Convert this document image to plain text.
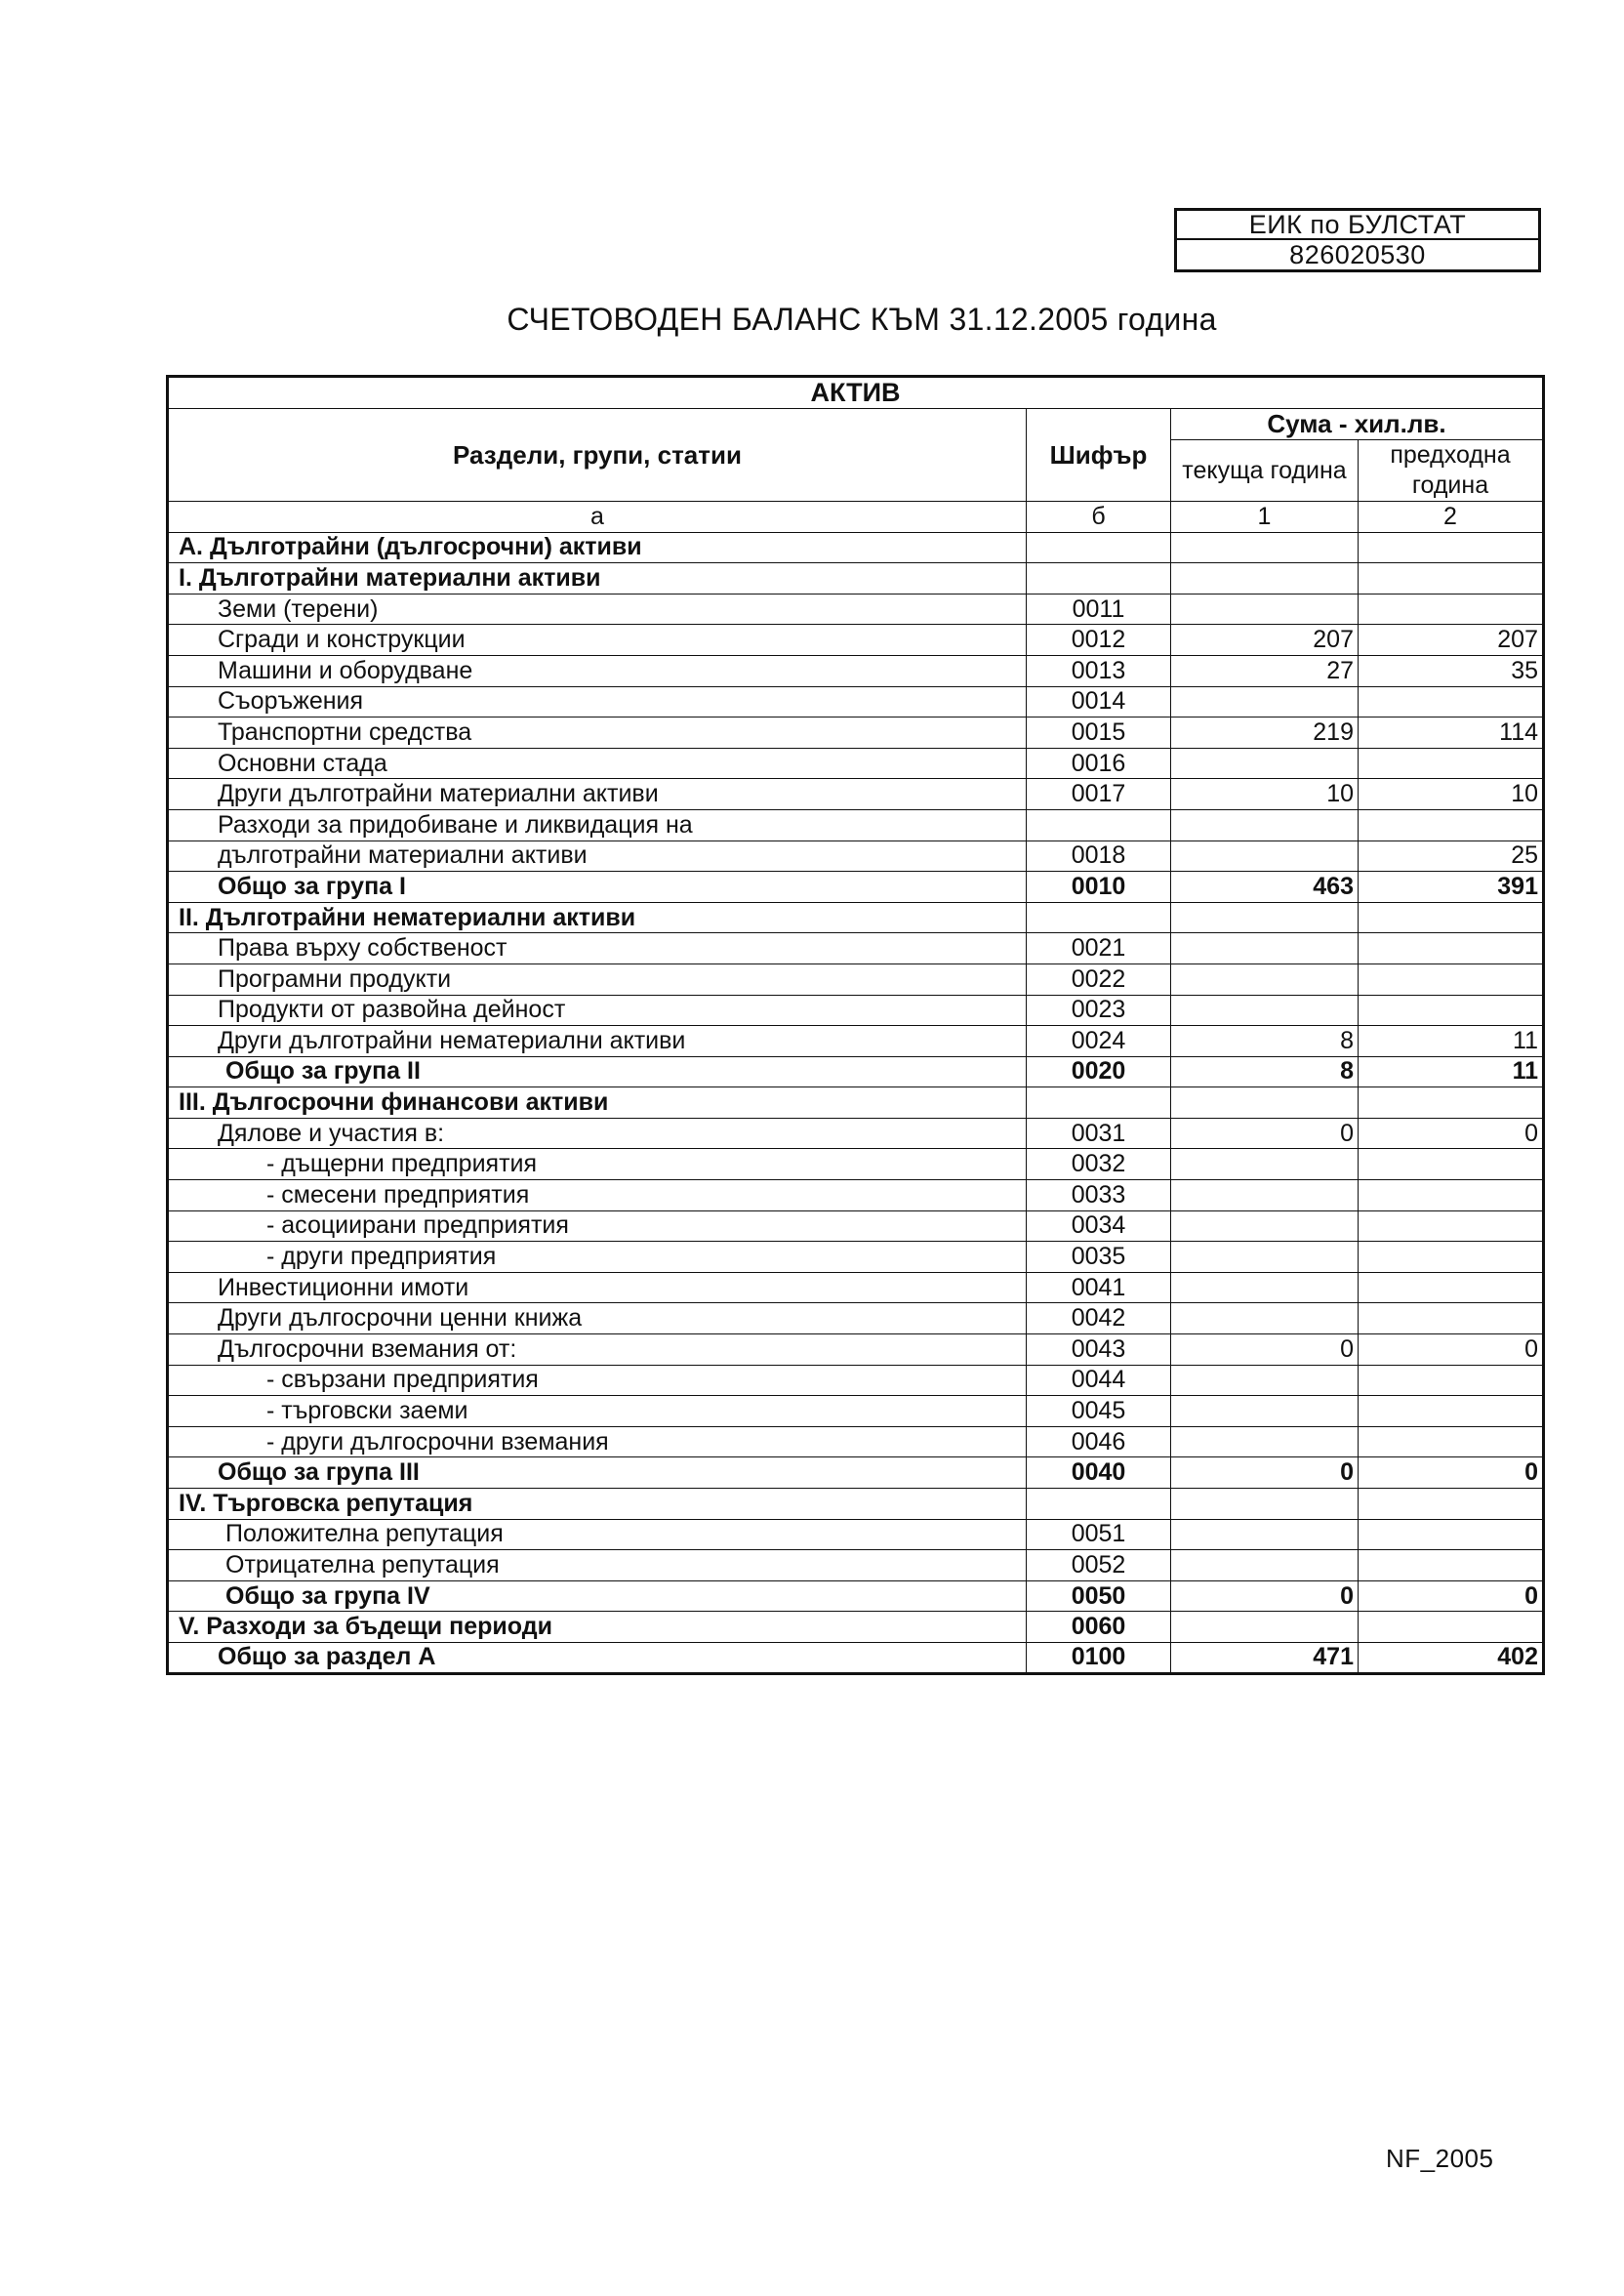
ЕИК по БУЛСТАТ
826020530
СЧЕТОВОДЕН БАЛАНС КЪМ 31.12.2005 година
АКТИВ			
Раздели, групи, статии	Шифър	Сума - хил.лв.	
		текуща година	предходна година

а	б	1	2
А. Дълготрайни (дългосрочни) активи			
I. Дълготрайни материални активи			
Земи (терени)	0011		
Сгради и конструкции	0012	207	207
Машини и оборудване	0013	27	35
Съоръжения	0014		
Транспортни средства	0015	219	114
Основни стада	0016		
Други дълготрайни материални активи	0017	10	10
Разходи за придобиване и ликвидация на			
дълготрайни материални активи	0018		25
Общо за група I	0010	463	391
II. Дълготрайни нематериални активи			
Права върху собственост	0021		
Програмни продукти	0022		
Продукти от развойна дейност	0023		
Други дълготрайни нематериални активи	0024	8	11
Общо за група II	0020	8	11
III. Дългосрочни финансови активи			
Дялове и участия в:	0031	0	0
- дъщерни предприятия	0032		
- смесени предприятия	0033		
- асоциирани предприятия	0034		
- други предприятия	0035		
Инвестиционни имоти	0041		
Други дългосрочни ценни книжа	0042		
Дългосрочни вземания от:	0043	0	0
- свързани предприятия	0044		
- търговски заеми	0045		
- други дългосрочни вземания	0046		
Общо за група III	0040	0	0
IV. Търговска репутация			
Положителна репутация	0051		
Отрицателна репутация	0052		
Общо за група IV	0050	0	0
V. Разходи за бъдещи периоди	0060		
Общо за раздел А	0100	471	402
NF_2005
